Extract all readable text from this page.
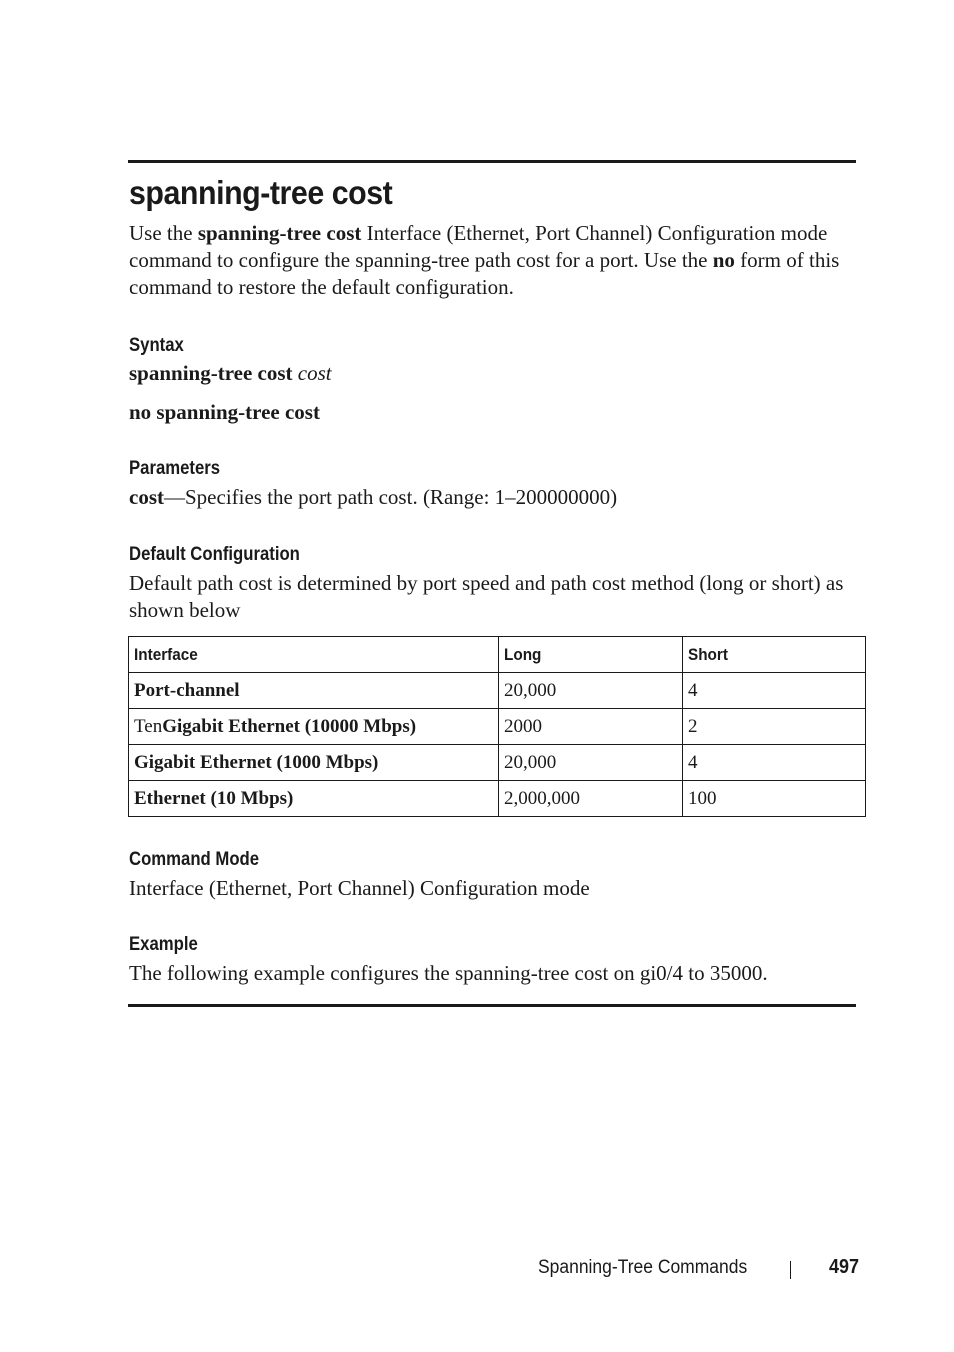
spanning-tree cost
Use the spanning-tree cost Interface (Ethernet, Port Channel) Configuration mode command to configure the spanning-tree path cost for a port. Use the no form of this command to restore the default configuration.
Syntax
spanning-tree cost cost
no spanning-tree cost
Parameters
cost—Specifies the port path cost. (Range: 1–200000000)
Default Configuration
Default path cost is determined by port speed and path cost method (long or short) as shown below
Interface	Long	Short
Port-channel	20,000	4
TenGigabit Ethernet (10000 Mbps)	2000	2
Gigabit Ethernet (1000 Mbps)	20,000	4
Ethernet (10 Mbps)	2,000,000	100
Command Mode
Interface (Ethernet, Port Channel) Configuration mode
Example
The following example configures the spanning-tree cost on gi0/4 to 35000.
Spanning-Tree Commands	497
